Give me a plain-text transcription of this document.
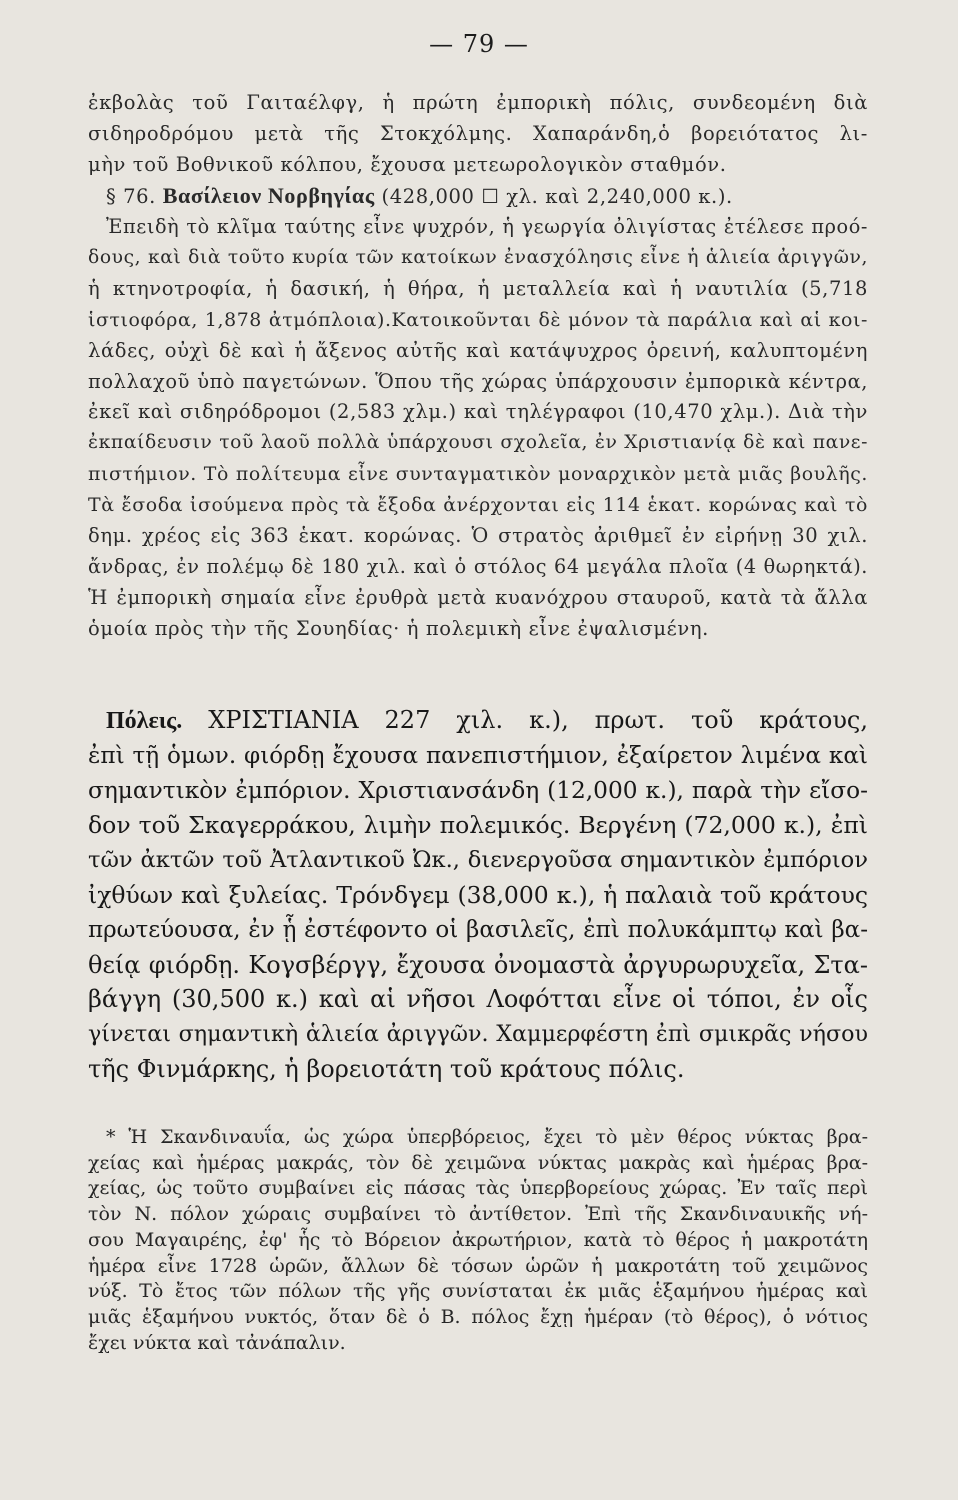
— 79 —
ἐκβολὰς τοῦ Γαιταέλφγ, ἡ πρώτη ἐμπορικὴ πόλις, συνδεομένη διὰ
σιδηροδρόμου μετὰ τῆς Στοκχόλμης. Χαπαράνδη,ὁ βορειότατος λι-
μὴν τοῦ Βοθνικοῦ κόλπου, ἔχουσα μετεωρολογικὸν σταθμόν.
§ 76. Βασίλειον Νορβηγίας (428,000 ☐ χλ. καὶ 2,240,000 κ.).
Ἐπειδὴ τὸ κλῖμα ταύτης εἶνε ψυχρόν, ἡ γεωργία ὀλιγίστας ἐτέλεσε προό-
δους, καὶ διὰ τοῦτο κυρία τῶν κατοίκων ἐνασχόλησις εἶνε ἡ ἁλιεία ἀριγγῶν,
ἡ κτηνοτροφία, ἡ δασική, ἡ θήρα, ἡ μεταλλεία καὶ ἡ ναυτιλία (5,718
ἱστιοφόρα, 1,878 ἀτμόπλοια).Κατοικοῦνται δὲ μόνον τὰ παράλια καὶ αἱ κοι-
λάδες, οὐχὶ δὲ καὶ ἡ ἄξενος αὐτῆς καὶ κατάψυχρος ὀρεινή, καλυπτομένη
πολλαχοῦ ὑπὸ παγετώνων. Ὅπου τῆς χώρας ὑπάρχουσιν ἐμπορικὰ κέντρα,
ἐκεῖ καὶ σιδηρόδρομοι (2,583 χλμ.) καὶ τηλέγραφοι (10,470 χλμ.). Διὰ τὴν
ἐκπαίδευσιν τοῦ λαοῦ πολλὰ ὑπάρχουσι σχολεῖα, ἐν Χριστιανίᾳ δὲ καὶ πανε-
πιστήμιον. Τὸ πολίτευμα εἶνε συνταγματικὸν μοναρχικὸν μετὰ μιᾶς βουλῆς.
Τὰ ἔσοδα ἰσούμενα πρὸς τὰ ἔξοδα ἀνέρχονται εἰς 114 ἑκατ. κορώνας καὶ τὸ
δημ. χρέος εἰς 363 ἑκατ. κορώνας. Ὁ στρατὸς ἀριθμεῖ ἐν εἰρήνῃ 30 χιλ.
ἄνδρας, ἐν πολέμῳ δὲ 180 χιλ. καὶ ὁ στόλος 64 μεγάλα πλοῖα (4 θωρηκτά).
Ἡ ἐμπορικὴ σημαία εἶνε ἐρυθρὰ μετὰ κυανόχρου σταυροῦ, κατὰ τὰ ἄλλα
ὁμοία πρὸς τὴν τῆς Σουηδίας· ἡ πολεμικὴ εἶνε ἐψαλισμένη.
Πόλεις. ΧΡΙΣΤΙΑΝΙΑ 227 χιλ. κ.), πρωτ. τοῦ κράτους,
ἐπὶ τῇ ὁμων. φιόρδῃ ἔχουσα πανεπιστήμιον, ἐξαίρετον λιμένα καὶ
σημαντικὸν ἐμπόριον. Χριστιανσάνδη (12,000 κ.), παρὰ τὴν εἴσο-
δον τοῦ Σκαγερράκου, λιμὴν πολεμικός. Βεργένη (72,000 κ.), ἐπὶ
τῶν ἀκτῶν τοῦ Ἀτλαντικοῦ Ὠκ., διενεργοῦσα σημαντικὸν ἐμπόριον
ἰχθύων καὶ ξυλείας. Τρόνδγεμ (38,000 κ.), ἡ παλαιὰ τοῦ κράτους
πρωτεύουσα, ἐν ᾗ ἐστέφοντο οἱ βασιλεῖς, ἐπὶ πολυκάμπτῳ καὶ βα-
θείᾳ φιόρδῃ. Κογσβέργγ, ἔχουσα ὀνομαστὰ ἀργυρωρυχεῖα, Στα-
βάγγη (30,500 κ.) καὶ αἱ νῆσοι Λοφότται εἶνε οἱ τόποι, ἐν οἷς
γίνεται σημαντικὴ ἁλιεία ἀριγγῶν. Χαμμερφέστη ἐπὶ σμικρᾶς νήσου
τῆς Φινμάρκης, ἡ βορειοτάτη τοῦ κράτους πόλις.
* Ἡ Σκανδιναυΐα, ὡς χώρα ὑπερβόρειος, ἔχει τὸ μὲν θέρος νύκτας βρα-
χείας καὶ ἡμέρας μακράς, τὸν δὲ χειμῶνα νύκτας μακρὰς καὶ ἡμέρας βρα-
χείας, ὡς τοῦτο συμβαίνει εἰς πάσας τὰς ὑπερβορείους χώρας. Ἐν ταῖς περὶ
τὸν Ν. πόλον χώραις συμβαίνει τὸ ἀντίθετον. Ἐπὶ τῆς Σκανδιναυικῆς νή-
σου Μαγαιρέης, ἐφ' ἧς τὸ Βόρειον ἀκρωτήριον, κατὰ τὸ θέρος ἡ μακροτάτη
ἡμέρα εἶνε 1728 ὡρῶν, ἄλλων δὲ τόσων ὡρῶν ἡ μακροτάτη τοῦ χειμῶνος
νύξ. Τὸ ἔτος τῶν πόλων τῆς γῆς συνίσταται ἐκ μιᾶς ἑξαμήνου ἡμέρας καὶ
μιᾶς ἑξαμήνου νυκτός, ὅταν δὲ ὁ Β. πόλος ἔχῃ ἡμέραν (τὸ θέρος), ὁ νότιος
ἔχει νύκτα καὶ τἀνάπαλιν.
